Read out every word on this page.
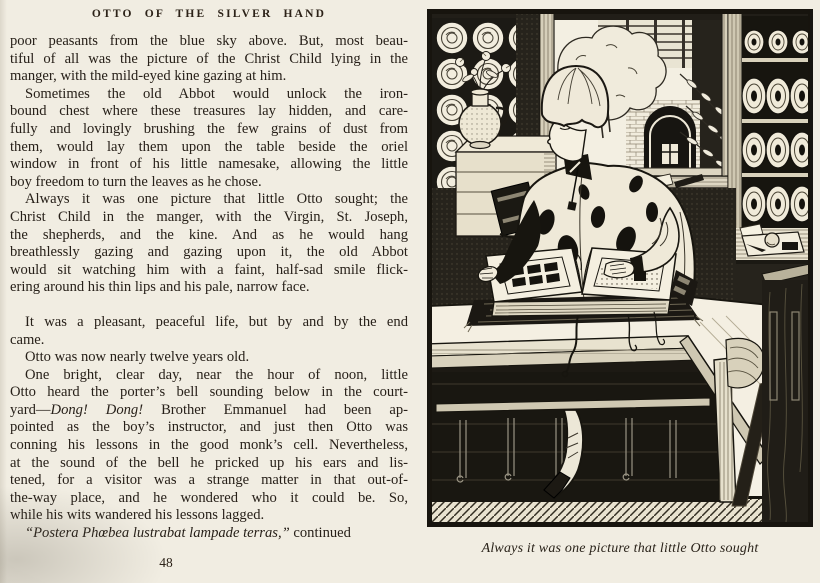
OTTO OF THE SILVER HAND
poor peasants from the blue sky above. But, most beau-
tiful of all was the picture of the Christ Child lying in the
manger, with the mild-eyed kine gazing at him.
Sometimes the old Abbot would unlock the iron-
bound chest where these treasures lay hidden, and care-
fully and lovingly brushing the few grains of dust from
them, would lay them upon the table beside the oriel
window in front of his little namesake, allowing the little
boy freedom to turn the leaves as he chose.
Always it was one picture that little Otto sought; the
Christ Child in the manger, with the Virgin, St. Joseph,
the shepherds, and the kine. And as he would hang
breathlessly gazing and gazing upon it, the old Abbot
would sit watching him with a faint, half-sad smile flick-
ering around his thin lips and his pale, narrow face.
It was a pleasant, peaceful life, but by and by the end
came.
Otto was now nearly twelve years old.
One bright, clear day, near the hour of noon, little
Otto heard the porter’s bell sounding below in the court-
yard—Dong! Dong! Brother Emmanuel had been ap-
pointed as the boy’s instructor, and just then Otto was
conning his lessons in the good monk’s cell. Nevertheless,
at the sound of the bell he pricked up his ears and lis-
tened, for a visitor was a strange matter in that out-of-
the-way place, and he wondered who it could be. So,
while his wits wandered his lessons lagged.
“Postera Phœbea lustrabat lampade terras,” continued
48
Always it was one picture that little Otto sought
